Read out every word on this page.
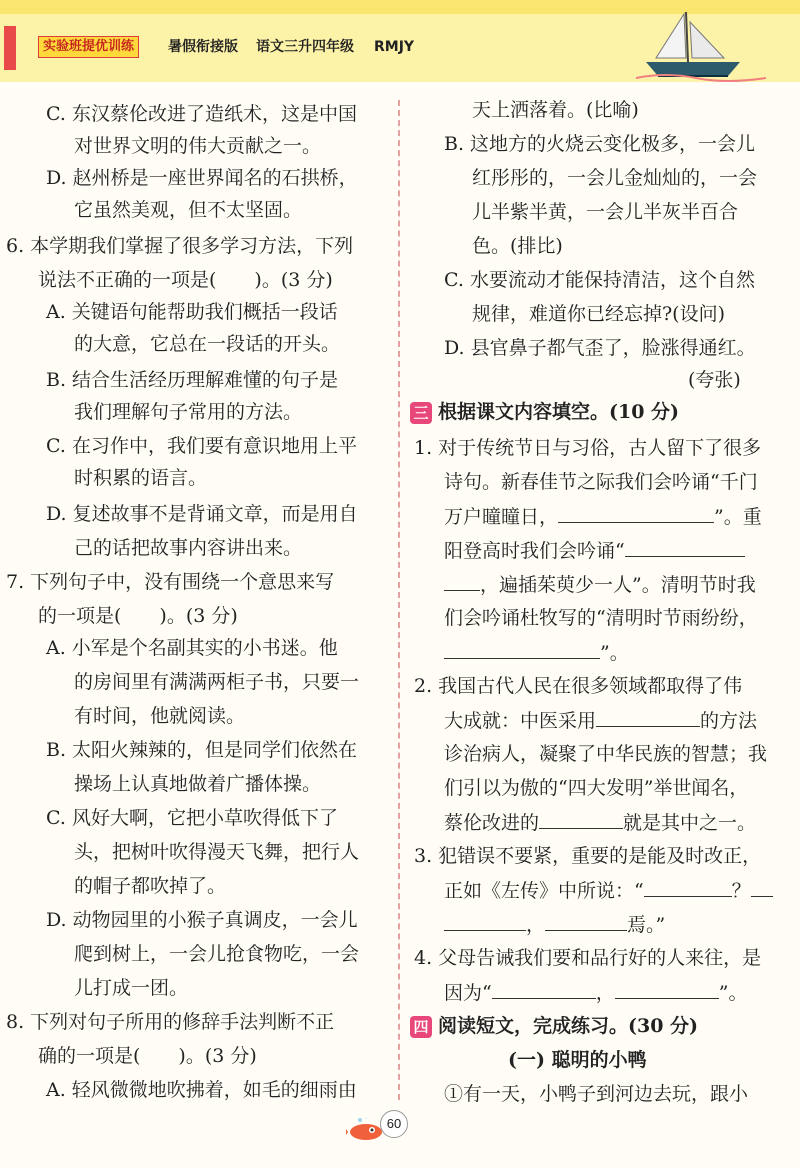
实验班提优训练	暑假衔接版 语文三升四年级 RMJY
C. 东汉蔡伦改进了造纸术，这是中国
对世界文明的伟大贡献之一。
D. 赵州桥是一座世界闻名的石拱桥，
它虽然美观，但不太坚固。
6. 本学期我们掌握了很多学习方法，下列
说法不正确的一项是(　　)。(3 分)
A. 关键语句能帮助我们概括一段话
的大意，它总在一段话的开头。
B. 结合生活经历理解难懂的句子是
我们理解句子常用的方法。
C. 在习作中，我们要有意识地用上平
时积累的语言。
D. 复述故事不是背诵文章，而是用自
己的话把故事内容讲出来。
7. 下列句子中，没有围绕一个意思来写
的一项是(　　)。(3 分)
A. 小军是个名副其实的小书迷。他
的房间里有满满两柜子书，只要一
有时间，他就阅读。
B. 太阳火辣辣的，但是同学们依然在
操场上认真地做着广播体操。
C. 风好大啊，它把小草吹得低下了
头，把树叶吹得漫天飞舞，把行人
的帽子都吹掉了。
D. 动物园里的小猴子真调皮，一会儿
爬到树上，一会儿抢食物吃，一会
儿打成一团。
8. 下列对句子所用的修辞手法判断不正
确的一项是(　　)。(3 分)
A. 轻风微微地吹拂着，如毛的细雨由
三 根据课文内容填空。(10 分)
1. 对于传统节日与习俗，古人留下了很多
诗句。新春佳节之际我们会吟诵“千门
万户曈曈日，	”。重
阳登高时我们会吟诵“
，遍插茱萸少一人”。清明节时我
们会吟诵杜牧写的“清明时节雨纷纷，
”。
2. 我国古代人民在很多领域都取得了伟
大成就：中医采用	的方法
诊治病人，凝聚了中华民族的智慧；我
们引以为傲的“四大发明”举世闻名，
蔡伦改进的	就是其中之一。
3. 犯错误不要紧，重要的是能及时改正，
正如《左传》中所说：“	？
，	焉。”
4. 父母告诫我们要和品行好的人来往，是
因为“	，	”。
四 阅读短文，完成练习。(30 分)
(一) 聪明的小鸭
①有一天，小鸭子到河边去玩，跟小
天上洒落着。(比喻)
B. 这地方的火烧云变化极多，一会儿
红彤彤的，一会儿金灿灿的，一会
儿半紫半黄，一会儿半灰半百合
色。(排比)
C. 水要流动才能保持清洁，这个自然
规律，难道你已经忘掉?(设问)
D. 县官鼻子都气歪了，脸涨得通红。
(夸张)
60
